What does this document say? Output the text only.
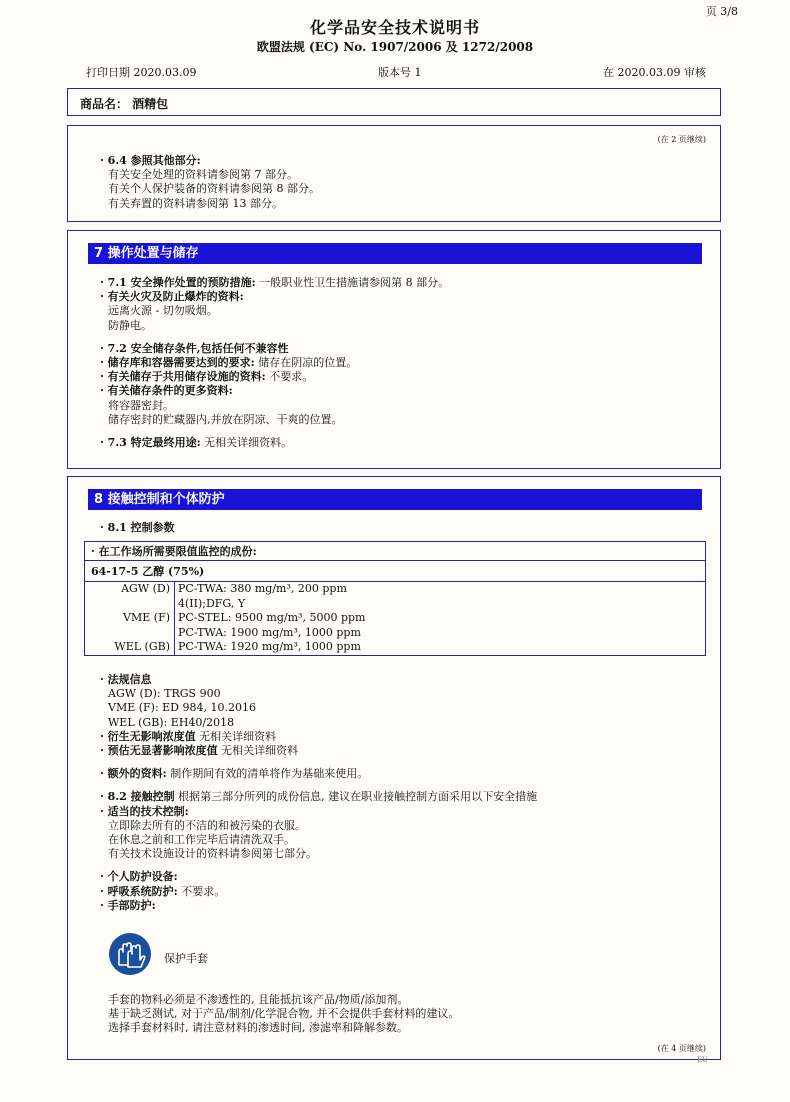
页 3/8
化学品安全技术说明书
欧盟法规 (EC) No. 1907/2006 及 1272/2008
打印日期 2020.03.09	版本号 1	在 2020.03.09 审核
商品名： 酒精包
(在 2 页继续)
· 6.4 参照其他部分:
有关安全处理的资料请参阅第 7 部分。
有关个人保护装备的资料请参阅第 8 部分。
有关弃置的资料请参阅第 13 部分。
7 操作处置与储存
· 7.1 安全操作处置的预防措施: 一般职业性卫生措施请参阅第 8 部分。
· 有关火灾及防止爆炸的资料:
远离火源 - 切勿吸烟。
防静电。
· 7.2 安全储存条件,包括任何不兼容性
· 储存库和容器需要达到的要求: 储存在阴凉的位置。
· 有关储存于共用储存设施的资料: 不要求。
· 有关储存条件的更多资料:
将容器密封。
储存密封的贮藏器内,并放在阴凉、干爽的位置。
· 7.3 特定最终用途: 无相关详细资料。
8 接触控制和个体防护
· 8.1 控制参数
· 在工作场所需要限值监控的成份:
64-17-5 乙醇 (75%)
AGW (D) PC-TWA: 380 mg/m³, 200 ppm
4(II);DFG, Y
VME (F) PC-STEL: 9500 mg/m³, 5000 ppm
PC-TWA: 1900 mg/m³, 1000 ppm
WEL (GB) PC-TWA: 1920 mg/m³, 1000 ppm
· 法规信息
AGW (D): TRGS 900
VME (F): ED 984, 10.2016
WEL (GB): EH40/2018
· 衍生无影响浓度值 无相关详细资料
· 预估无显著影响浓度值 无相关详细资料
· 额外的资料: 制作期间有效的清单将作为基础来使用。
· 8.2 接触控制 根据第三部分所列的成份信息, 建议在职业接触控制方面采用以下安全措施
· 适当的技术控制:
立即除去所有的不洁的和被污染的衣服。
在休息之前和工作完毕后请清洗双手。
有关技术设施设计的资料请参阅第七部分。
· 个人防护设备:
· 呼吸系统防护: 不要求。
· 手部防护:
保护手套
手套的物料必须是不渗透性的, 且能抵抗该产品/物质/添加剂。
基于缺乏测试, 对于产品/制剂/化学混合物, 并不会提供手套材料的建议。
选择手套材料时, 请注意材料的渗透时间, 渗滤率和降解参数。
(在 4 页继续)
EU
